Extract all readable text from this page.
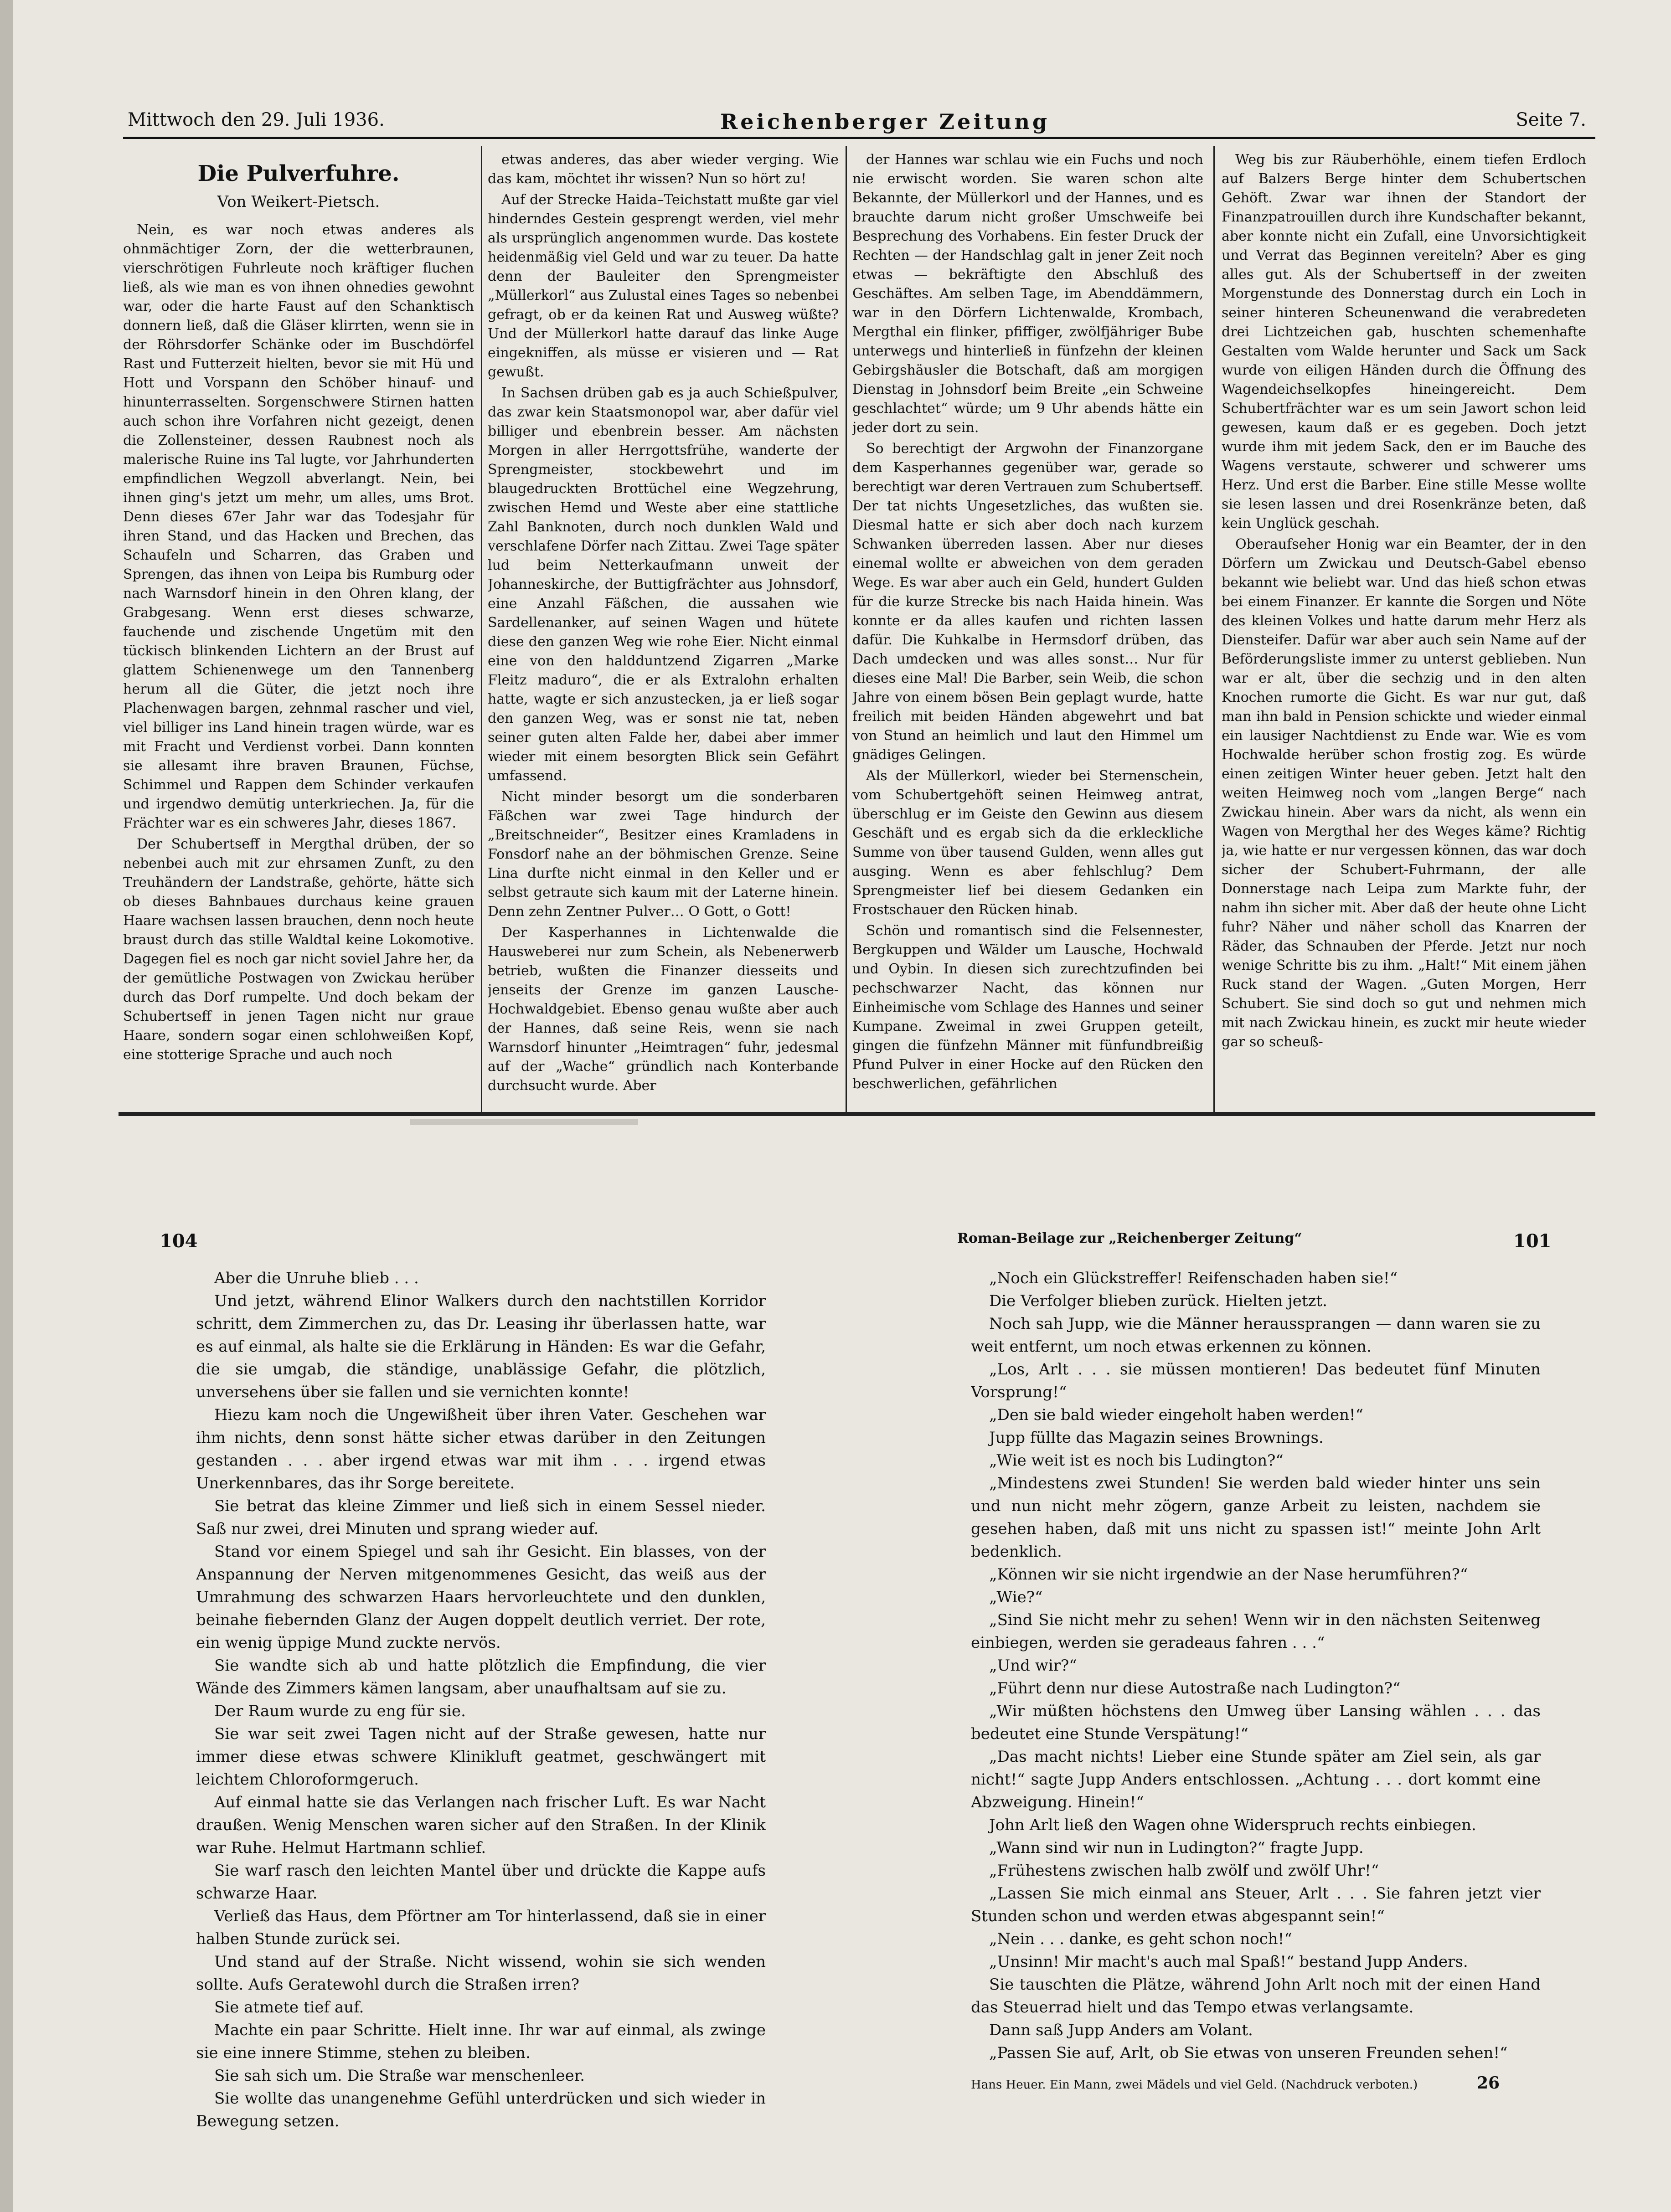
Mittwoch den 29. Juli 1936.	Reichenberger Zeitung	Seite 7.
Die Pulverfuhre.
Von Weikert-Pietsch.

Nein, es war noch etwas anderes als ohnmächtiger Zorn, der die wetterbraunen, vierschrötigen Fuhrleute noch kräftiger fluchen ließ, als wie man es von ihnen ohnedies gewohnt war, oder die harte Faust auf den Schanktisch donnern ließ, daß die Gläser klirrten, wenn sie in der Röhrsdorfer Schänke oder im Buschdörfel Rast und Futterzeit hielten, bevor sie mit Hü und Hott und Vorspann den Schöber hinauf- und hinunterrasselten. Sorgenschwere Stirnen hatten auch schon ihre Vorfahren nicht gezeigt, denen die Zollensteiner, dessen Raubnest noch als malerische Ruine ins Tal lugte, vor Jahrhunderten empfindlichen Wegzoll abverlangt. Nein, bei ihnen ging's jetzt um mehr, um alles, ums Brot. Denn dieses 67er Jahr war das Todesjahr für ihren Stand, und das Hacken und Brechen, das Schaufeln und Scharren, das Graben und Sprengen, das ihnen von Leipa bis Rumburg oder nach Warnsdorf hinein in den Ohren klang, der Grabgesang. Wenn erst dieses schwarze, fauchende und zischende Ungetüm mit den tückisch blinkenden Lichtern an der Brust auf glattem Schienenwege um den Tannenberg herum all die Güter, die jetzt noch ihre Plachenwagen bargen, zehnmal rascher und viel, viel billiger ins Land hinein tragen würde, war es mit Fracht und Verdienst vorbei. Dann konnten sie allesamt ihre braven Braunen, Füchse, Schimmel und Rappen dem Schinder verkaufen und irgendwo demütig unterkriechen. Ja, für die Frächter war es ein schweres Jahr, dieses 1867.

Der Schubertseff in Mergthal drüben, der so nebenbei auch mit zur ehrsamen Zunft, zu den Treuhändern der Landstraße, gehörte, hätte sich ob dieses Bahnbaues durchaus keine grauen Haare wachsen lassen brauchen, denn noch heute braust durch das stille Waldtal keine Lokomotive. Dagegen fiel es noch gar nicht soviel Jahre her, da der gemütliche Postwagen von Zwickau herüber durch das Dorf rumpelte. Und doch bekam der Schubertseff in jenen Tagen nicht nur graue Haare, sondern sogar einen schlohweißen Kopf, eine stotterige Sprache und auch noch

etwas anderes, das aber wieder verging. Wie das kam, möchtet ihr wissen? Nun so hört zu!

Auf der Strecke Haida–Teichstatt mußte gar viel hinderndes Gestein gesprengt werden, viel mehr als ursprünglich angenommen wurde. Das kostete heidenmäßig viel Geld und war zu teuer. Da hatte denn der Bauleiter den Sprengmeister „Müllerkorl“ aus Zulustal eines Tages so nebenbei gefragt, ob er da keinen Rat und Ausweg wüßte? Und der Müllerkorl hatte darauf das linke Auge eingekniffen, als müsse er visieren und — Rat gewußt.

In Sachsen drüben gab es ja auch Schießpulver, das zwar kein Staatsmonopol war, aber dafür viel billiger und ebenbrein besser. Am nächsten Morgen in aller Herrgottsfrühe, wanderte der Sprengmeister, stockbewehrt und im blaugedruckten Brottüchel eine Wegzehrung, zwischen Hemd und Weste aber eine stattliche Zahl Banknoten, durch noch dunklen Wald und verschlafene Dörfer nach Zittau. Zwei Tage später lud beim Netterkaufmann unweit der Johanneskirche, der Buttigfrächter aus Johnsdorf, eine Anzahl Fäßchen, die aussahen wie Sardellenanker, auf seinen Wagen und hütete diese den ganzen Weg wie rohe Eier. Nicht einmal eine von den haldduntzend Zigarren „Marke Fleitz maduro“, die er als Extralohn erhalten hatte, wagte er sich anzustecken, ja er ließ sogar den ganzen Weg, was er sonst nie tat, neben seiner guten alten Falde her, dabei aber immer wieder mit einem besorgten Blick sein Gefährt umfassend.

Nicht minder besorgt um die sonderbaren Fäßchen war zwei Tage hindurch der „Breitschneider“, Besitzer eines Kramladens in Fonsdorf nahe an der böhmischen Grenze. Seine Lina durfte nicht einmal in den Keller und er selbst getraute sich kaum mit der Laterne hinein. Denn zehn Zentner Pulver… O Gott, o Gott!

Der Kasperhannes in Lichtenwalde die Hausweberei nur zum Schein, als Nebenerwerb betrieb, wußten die Finanzer diesseits und jenseits der Grenze im ganzen Lausche-Hochwaldgebiet. Ebenso genau wußte aber auch der Hannes, daß seine Reis, wenn sie nach Warnsdorf hinunter „Heimtragen“ fuhr, jedesmal auf der „Wache“ gründlich nach Konterbande durchsucht wurde. Aber

der Hannes war schlau wie ein Fuchs und noch nie erwischt worden. Sie waren schon alte Bekannte, der Müllerkorl und der Hannes, und es brauchte darum nicht großer Umschweife bei Besprechung des Vorhabens. Ein fester Druck der Rechten — der Handschlag galt in jener Zeit noch etwas — bekräftigte den Abschluß des Geschäftes. Am selben Tage, im Abenddämmern, war in den Dörfern Lichtenwalde, Krombach, Mergthal ein flinker, pfiffiger, zwölfjähriger Bube unterwegs und hinterließ in fünfzehn der kleinen Gebirgshäusler die Botschaft, daß am morgigen Dienstag in Johnsdorf beim Breite „ein Schweine geschlachtet“ würde; um 9 Uhr abends hätte ein jeder dort zu sein.

So berechtigt der Argwohn der Finanzorgane dem Kasperhannes gegenüber war, gerade so berechtigt war deren Vertrauen zum Schubertseff. Der tat nichts Ungesetzliches, das wußten sie. Diesmal hatte er sich aber doch nach kurzem Schwanken überreden lassen. Aber nur dieses einemal wollte er abweichen von dem geraden Wege. Es war aber auch ein Geld, hundert Gulden für die kurze Strecke bis nach Haida hinein. Was konnte er da alles kaufen und richten lassen dafür. Die Kuhkalbe in Hermsdorf drüben, das Dach umdecken und was alles sonst… Nur für dieses eine Mal! Die Barber, sein Weib, die schon Jahre von einem bösen Bein geplagt wurde, hatte freilich mit beiden Händen abgewehrt und bat von Stund an heimlich und laut den Himmel um gnädiges Gelingen.

Als der Müllerkorl, wieder bei Sternenschein, vom Schubertgehöft seinen Heimweg antrat, überschlug er im Geiste den Gewinn aus diesem Geschäft und es ergab sich da die erkleckliche Summe von über tausend Gulden, wenn alles gut ausging. Wenn es aber fehlschlug? Dem Sprengmeister lief bei diesem Gedanken ein Frostschauer den Rücken hinab.

Schön und romantisch sind die Felsennester, Bergkuppen und Wälder um Lausche, Hochwald und Oybin. In diesen sich zurechtzufinden bei pechschwarzer Nacht, das können nur Einheimische vom Schlage des Hannes und seiner Kumpane. Zweimal in zwei Gruppen geteilt, gingen die fünfzehn Männer mit fünfundbreißig Pfund Pulver in einer Hocke auf den Rücken den beschwerlichen, gefährlichen

Weg bis zur Räuberhöhle, einem tiefen Erdloch auf Balzers Berge hinter dem Schubertschen Gehöft. Zwar war ihnen der Standort der Finanzpatrouillen durch ihre Kundschafter bekannt, aber konnte nicht ein Zufall, eine Unvorsichtigkeit und Verrat das Beginnen vereiteln? Aber es ging alles gut. Als der Schubertseff in der zweiten Morgenstunde des Donnerstag durch ein Loch in seiner hinteren Scheunenwand die verabredeten drei Lichtzeichen gab, huschten schemenhafte Gestalten vom Walde herunter und Sack um Sack wurde von eiligen Händen durch die Öffnung des Wagendeichselkopfes hineingereicht. Dem Schubertfrächter war es um sein Jawort schon leid gewesen, kaum daß er es gegeben. Doch jetzt wurde ihm mit jedem Sack, den er im Bauche des Wagens verstaute, schwerer und schwerer ums Herz. Und erst die Barber. Eine stille Messe wollte sie lesen lassen und drei Rosenkränze beten, daß kein Unglück geschah.

Oberaufseher Honig war ein Beamter, der in den Dörfern um Zwickau und Deutsch-Gabel ebenso bekannt wie beliebt war. Und das hieß schon etwas bei einem Finanzer. Er kannte die Sorgen und Nöte des kleinen Volkes und hatte darum mehr Herz als Diensteifer. Dafür war aber auch sein Name auf der Beförderungsliste immer zu unterst geblieben. Nun war er alt, über die sechzig und in den alten Knochen rumorte die Gicht. Es war nur gut, daß man ihn bald in Pension schickte und wieder einmal ein lausiger Nachtdienst zu Ende war. Wie es vom Hochwalde herüber schon frostig zog. Es würde einen zeitigen Winter heuer geben. Jetzt halt den weiten Heimweg noch vom „langen Berge“ nach Zwickau hinein. Aber wars da nicht, als wenn ein Wagen von Mergthal her des Weges käme? Richtig ja, wie hatte er nur vergessen können, das war doch sicher der Schubert-Fuhrmann, der alle Donnerstage nach Leipa zum Markte fuhr, der nahm ihn sicher mit. Aber daß der heute ohne Licht fuhr? Näher und näher scholl das Knarren der Räder, das Schnauben der Pferde. Jetzt nur noch wenige Schritte bis zu ihm. „Halt!“ Mit einem jähen Ruck stand der Wagen. „Guten Morgen, Herr Schubert. Sie sind doch so gut und nehmen mich mit nach Zwickau hinein, es zuckt mir heute wieder gar so scheuß-

104	Roman-Beilage zur „Reichenberger Zeitung“	101

Aber die Unruhe blieb . . .

Und jetzt, während Elinor Walkers durch den nachtstillen Korridor schritt, dem Zimmerchen zu, das Dr. Leasing ihr überlassen hatte, war es auf einmal, als halte sie die Erklärung in Händen: Es war die Gefahr, die sie umgab, die ständige, unablässige Gefahr, die plötzlich, unversehens über sie fallen und sie vernichten konnte!

Hiezu kam noch die Ungewißheit über ihren Vater. Geschehen war ihm nichts, denn sonst hätte sicher etwas darüber in den Zeitungen gestanden . . . aber irgend etwas war mit ihm . . . irgend etwas Unerkennbares, das ihr Sorge bereitete.

Sie betrat das kleine Zimmer und ließ sich in einem Sessel nieder. Saß nur zwei, drei Minuten und sprang wieder auf.

Stand vor einem Spiegel und sah ihr Gesicht. Ein blasses, von der Anspannung der Nerven mitgenommenes Gesicht, das weiß aus der Umrahmung des schwarzen Haars hervorleuchtete und den dunklen, beinahe fiebernden Glanz der Augen doppelt deutlich verriet. Der rote, ein wenig üppige Mund zuckte nervös.

Sie wandte sich ab und hatte plötzlich die Empfindung, die vier Wände des Zimmers kämen langsam, aber unaufhaltsam auf sie zu.

Der Raum wurde zu eng für sie.

Sie war seit zwei Tagen nicht auf der Straße gewesen, hatte nur immer diese etwas schwere Klinikluft geatmet, geschwängert mit leichtem Chloroformgeruch.

Auf einmal hatte sie das Verlangen nach frischer Luft. Es war Nacht draußen. Wenig Menschen waren sicher auf den Straßen. In der Klinik war Ruhe. Helmut Hartmann schlief.

Sie warf rasch den leichten Mantel über und drückte die Kappe aufs schwarze Haar.

Verließ das Haus, dem Pförtner am Tor hinterlassend, daß sie in einer halben Stunde zurück sei.

Und stand auf der Straße. Nicht wissend, wohin sie sich wenden sollte. Aufs Geratewohl durch die Straßen irren?

Sie atmete tief auf.

Machte ein paar Schritte. Hielt inne. Ihr war auf einmal, als zwinge sie eine innere Stimme, stehen zu bleiben.

Sie sah sich um. Die Straße war menschenleer.

Sie wollte das unangenehme Gefühl unterdrücken und sich wieder in Bewegung setzen.

„Noch ein Glückstreffer! Reifenschaden haben sie!“

Die Verfolger blieben zurück. Hielten jetzt.

Noch sah Jupp, wie die Männer heraussprangen — dann waren sie zu weit entfernt, um noch etwas erkennen zu können.

„Los, Arlt . . . sie müssen montieren! Das bedeutet fünf Minuten Vorsprung!“

„Den sie bald wieder eingeholt haben werden!“

Jupp füllte das Magazin seines Brownings.

„Wie weit ist es noch bis Ludington?“

„Mindestens zwei Stunden! Sie werden bald wieder hinter uns sein und nun nicht mehr zögern, ganze Arbeit zu leisten, nachdem sie gesehen haben, daß mit uns nicht zu spassen ist!“ meinte John Arlt bedenklich.

„Können wir sie nicht irgendwie an der Nase herumführen?“

„Wie?“

„Sind Sie nicht mehr zu sehen! Wenn wir in den nächsten Seitenweg einbiegen, werden sie geradeaus fahren . . .“

„Und wir?“

„Führt denn nur diese Autostraße nach Ludington?“

„Wir müßten höchstens den Umweg über Lansing wählen . . . das bedeutet eine Stunde Verspätung!“

„Das macht nichts! Lieber eine Stunde später am Ziel sein, als gar nicht!“ sagte Jupp Anders entschlossen. „Achtung . . . dort kommt eine Abzweigung. Hinein!“

John Arlt ließ den Wagen ohne Widerspruch rechts einbiegen.

„Wann sind wir nun in Ludington?“ fragte Jupp.

„Frühestens zwischen halb zwölf und zwölf Uhr!“

„Lassen Sie mich einmal ans Steuer, Arlt . . . Sie fahren jetzt vier Stunden schon und werden etwas abgespannt sein!“

„Nein . . . danke, es geht schon noch!“

„Unsinn! Mir macht's auch mal Spaß!“ bestand Jupp Anders.

Sie tauschten die Plätze, während John Arlt noch mit der einen Hand das Steuerrad hielt und das Tempo etwas verlangsamte.

Dann saß Jupp Anders am Volant.

„Passen Sie auf, Arlt, ob Sie etwas von unseren Freunden sehen!“

Hans Heuer. Ein Mann, zwei Mädels und viel Geld. (Nachdruck verboten.)	26
